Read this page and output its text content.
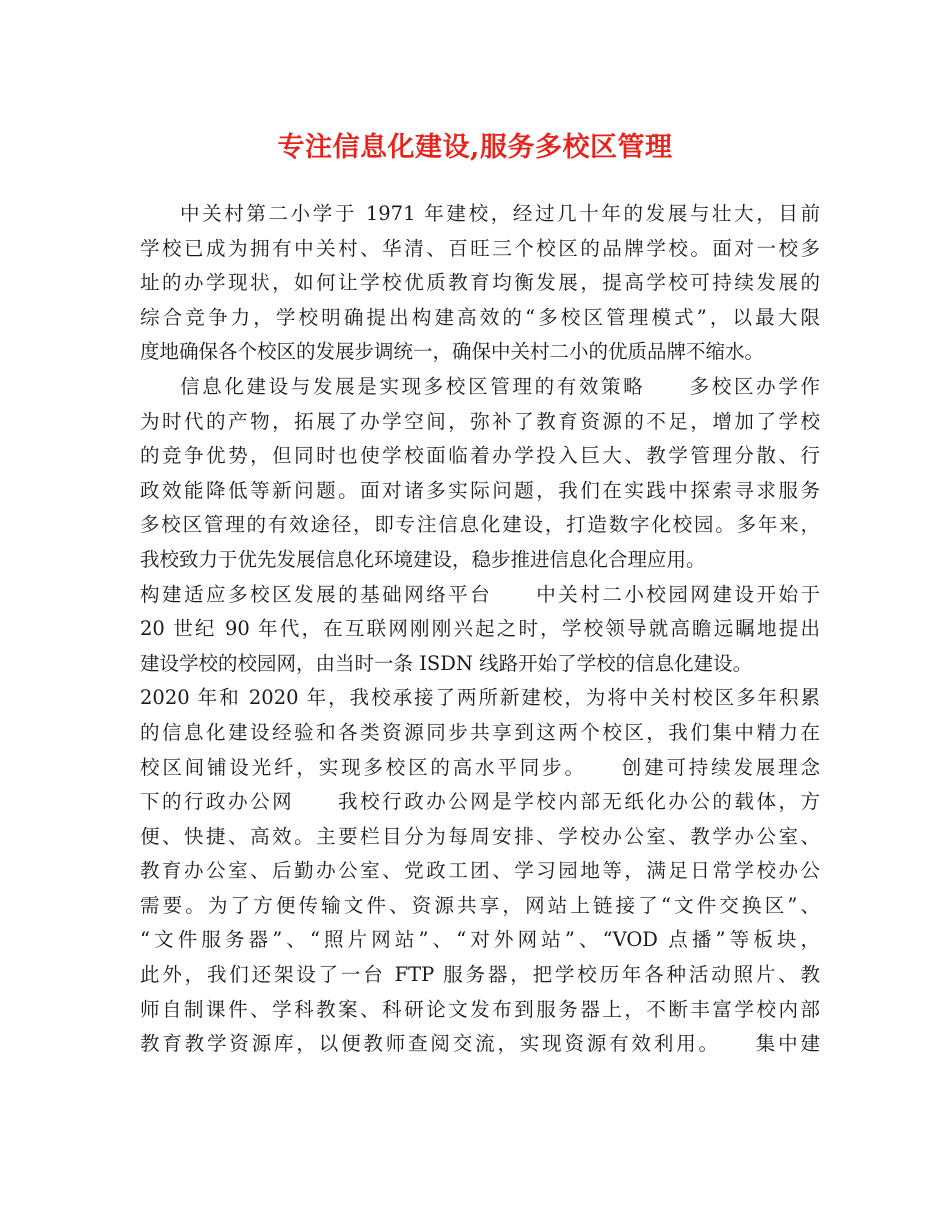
专注信息化建设,服务多校区管理
中关村第二小学于 1971 年建校，经过几十年的发展与壮大，目前
学校已成为拥有中关村、华清、百旺三个校区的品牌学校。面对一校多
址的办学现状，如何让学校优质教育均衡发展，提高学校可持续发展的
综合竞争力，学校明确提出构建高效的“多校区管理模式”，以最大限
度地确保各个校区的发展步调统一，确保中关村二小的优质品牌不缩水。
信息化建设与发展是实现多校区管理的有效策略　　多校区办学作
为时代的产物，拓展了办学空间，弥补了教育资源的不足，增加了学校
的竞争优势，但同时也使学校面临着办学投入巨大、教学管理分散、行
政效能降低等新问题。面对诸多实际问题，我们在实践中探索寻求服务
多校区管理的有效途径，即专注信息化建设，打造数字化校园。多年来，
我校致力于优先发展信息化环境建设，稳步推进信息化合理应用。
构建适应多校区发展的基础网络平台　　中关村二小校园网建设开始于
20 世纪 90 年代，在互联网刚刚兴起之时，学校领导就高瞻远瞩地提出
建设学校的校园网，由当时一条 ISDN 线路开始了学校的信息化建设。
2020 年和 2020 年，我校承接了两所新建校，为将中关村校区多年积累
的信息化建设经验和各类资源同步共享到这两个校区，我们集中精力在
校区间铺设光纤，实现多校区的高水平同步。　　创建可持续发展理念
下的行政办公网　　我校行政办公网是学校内部无纸化办公的载体，方
便、快捷、高效。主要栏目分为每周安排、学校办公室、教学办公室、
教育办公室、后勤办公室、党政工团、学习园地等，满足日常学校办公
需要。为了方便传输文件、资源共享，网站上链接了“文件交换区”、
“文件服务器”、“照片网站”、“对外网站”、“VOD 点播”等板块，
此外，我们还架设了一台 FTP 服务器，把学校历年各种活动照片、教
师自制课件、学科教案、科研论文发布到服务器上，不断丰富学校内部
教育教学资源库，以便教师查阅交流，实现资源有效利用。　　集中建
